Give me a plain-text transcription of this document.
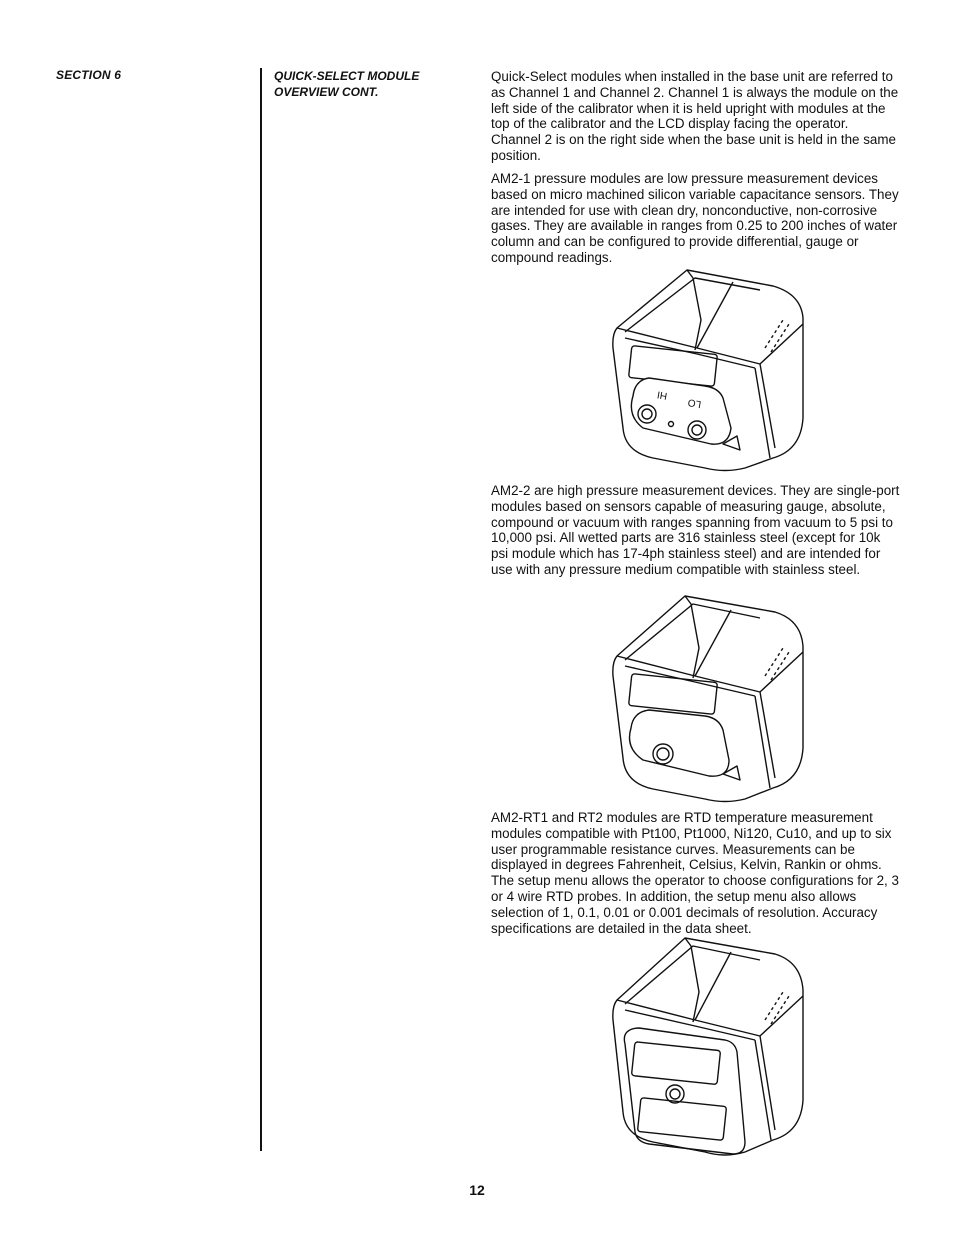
SECTION 6	QUICK-SELECT MODULE
OVERVIEW CONT.

Quick-Select modules when installed in the base unit are referred to as Channel 1 and Channel 2. Channel 1 is always the module on the left side of the calibrator when it is held upright with modules at the top of the calibrator and the LCD display facing the operator. Channel 2 is on the right side when the base unit is held in the same position.

AM2-1 pressure modules are low pressure measurement devices based on micro machined silicon variable capacitance sensors. They are intended for use with clean dry, nonconductive, non-corrosive gases. They are available in ranges from 0.25 to 200 inches of water column and can be configured to provide differential, gauge or compound readings.

AM2-2 are high pressure measurement devices. They are single-port modules based on sensors capable of measuring gauge, absolute, compound or vacuum with ranges spanning from vacuum to 5 psi to 10,000 psi. All wetted parts are 316 stainless steel (except for 10k psi module which has 17-4ph stainless steel) and are intended for use with any pressure medium compatible with stainless steel.

AM2-RT1 and RT2 modules are RTD temperature measurement modules compatible with Pt100, Pt1000, Ni120, Cu10, and up to six user programmable resistance curves. Measurements can be displayed in degrees Fahrenheit, Celsius, Kelvin, Rankin or ohms. The setup menu allows the operator to choose configurations for 2, 3 or 4 wire RTD probes. In addition, the setup menu also allows selection of 1, 0.1, 0.01 or 0.001 decimals of resolution. Accuracy specifications are detailed in the data sheet.

HI
LO
12
